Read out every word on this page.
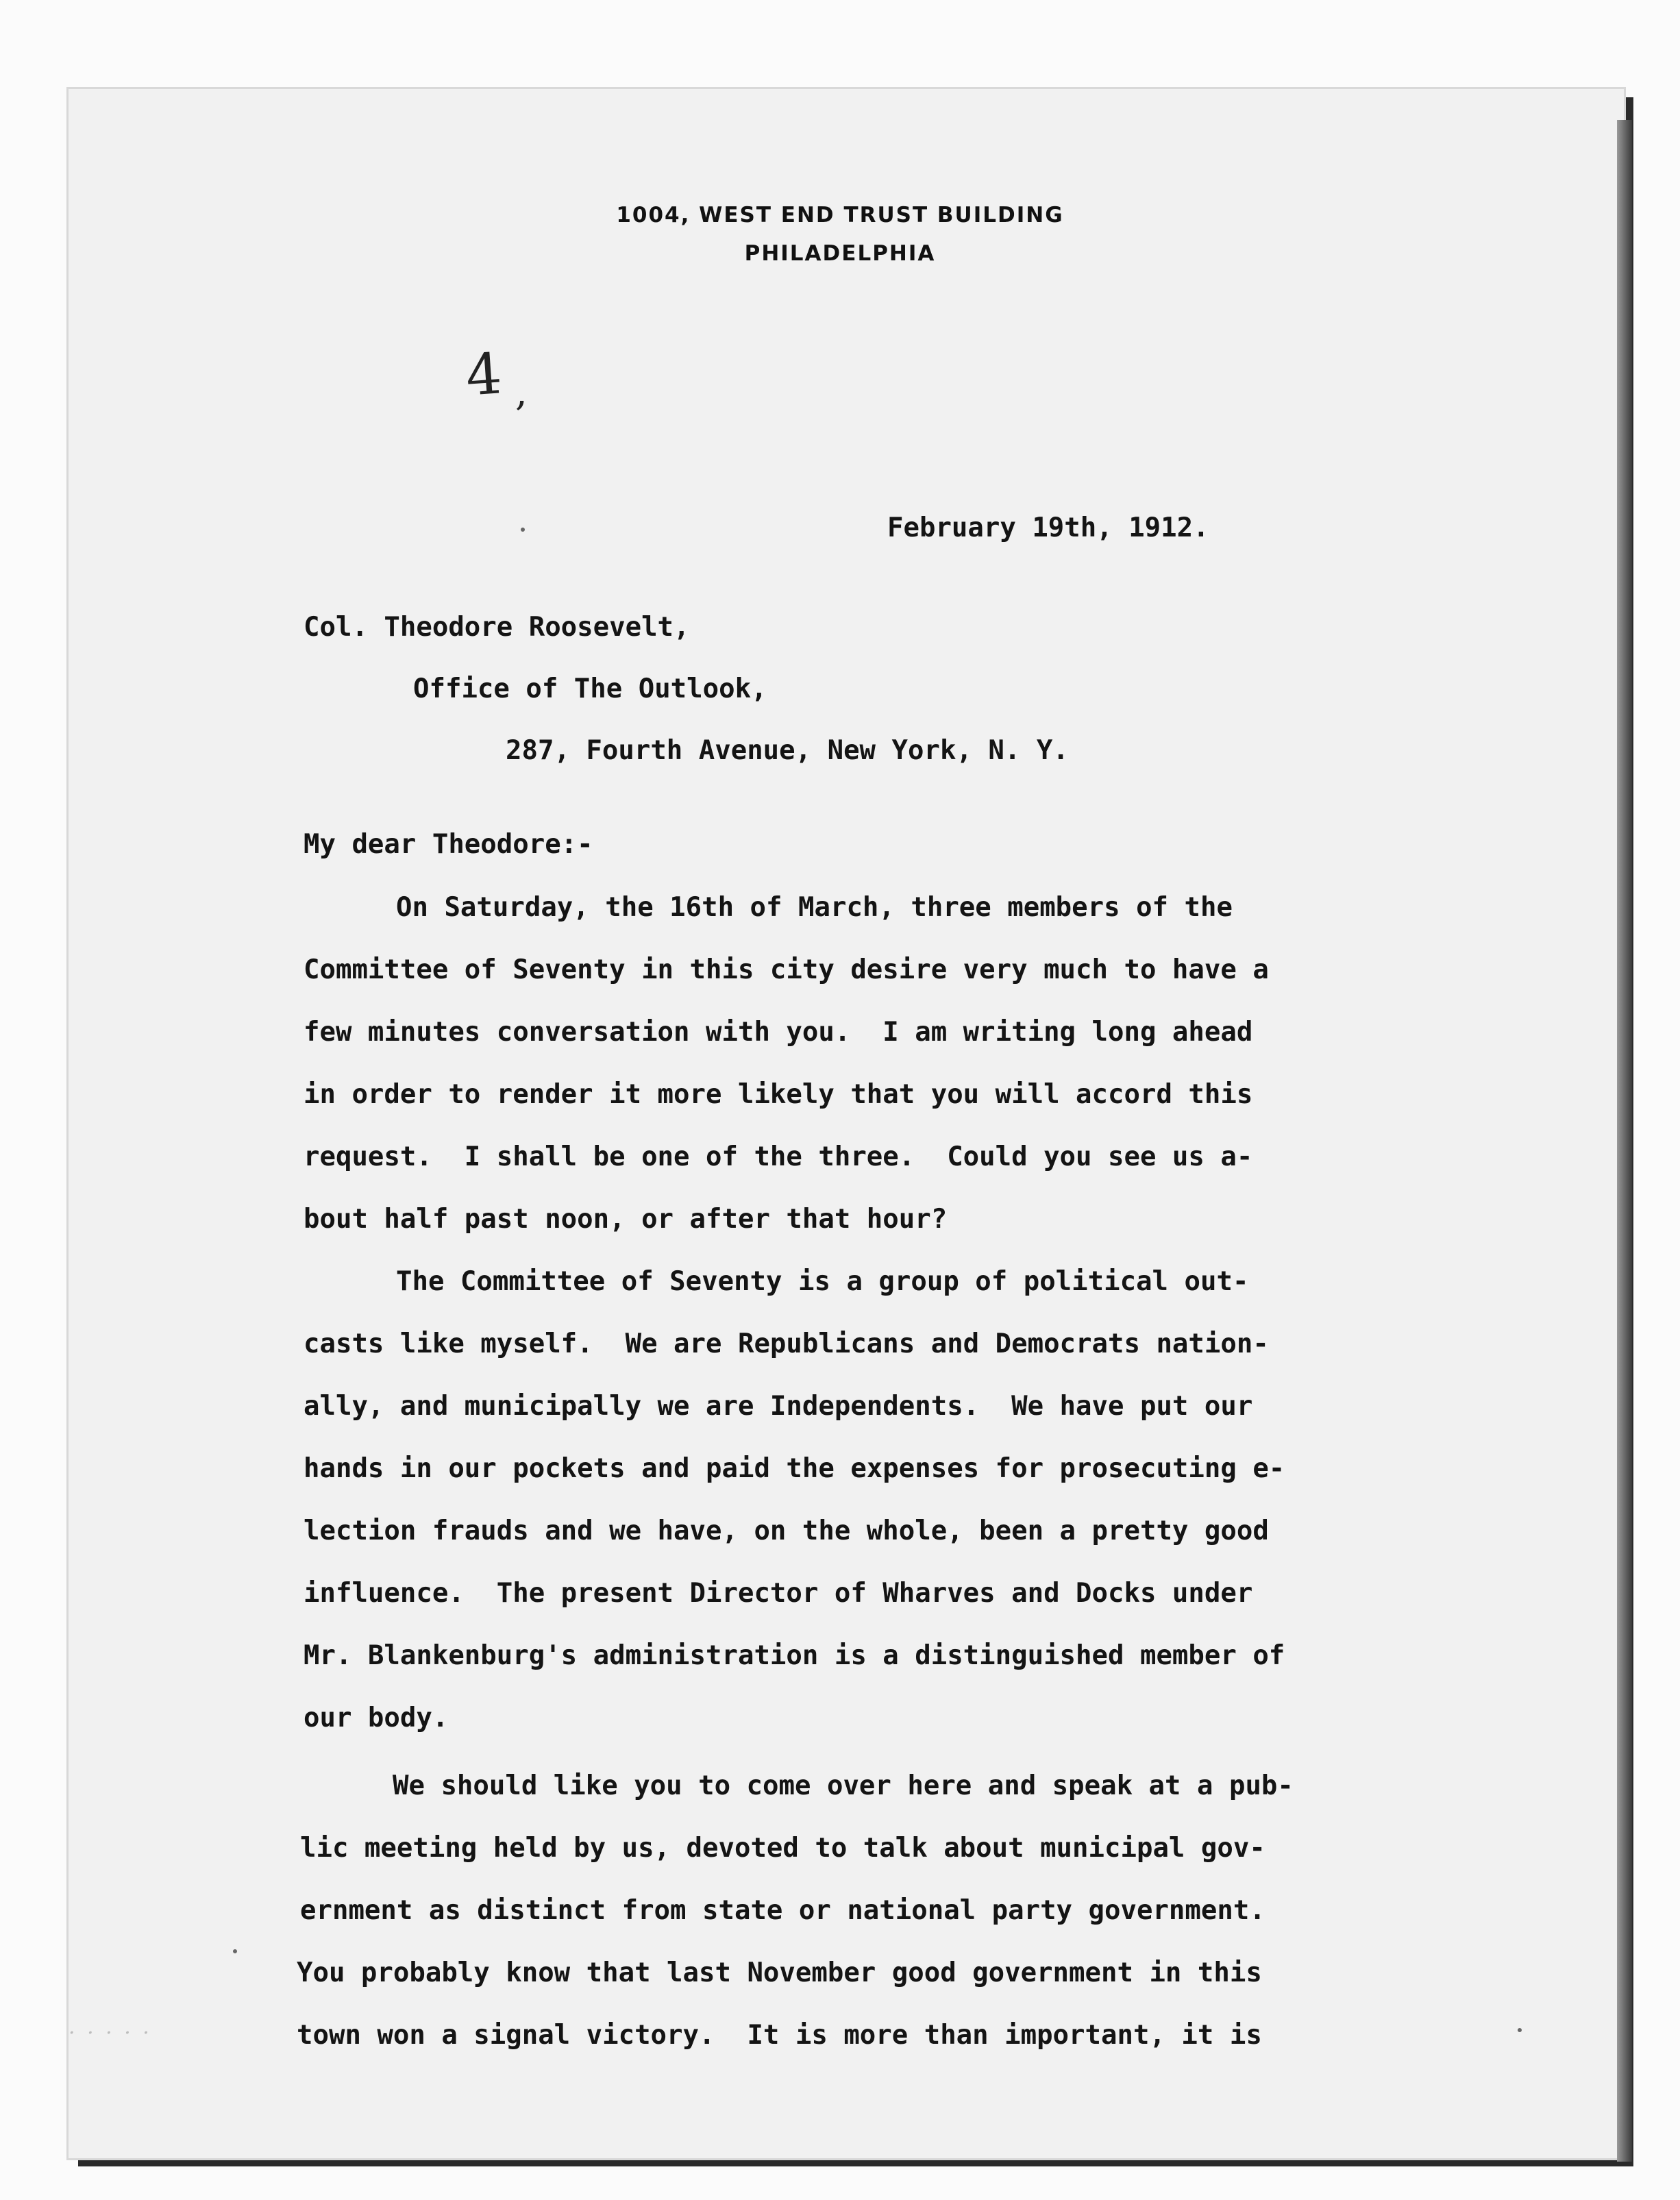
1004, WEST END TRUST BUILDING
PHILADELPHIA
4 ,
February 19th, 1912.
Col. Theodore Roosevelt,
Office of The Outlook,
287, Fourth Avenue, New York, N. Y.
My dear Theodore:-
On Saturday, the 16th of March, three members of the
Committee of Seventy in this city desire very much to have a
few minutes conversation with you.  I am writing long ahead
in order to render it more likely that you will accord this
request.  I shall be one of the three.  Could you see us a-
bout half past noon, or after that hour?
The Committee of Seventy is a group of political out-
casts like myself.  We are Republicans and Democrats nation-
ally, and municipally we are Independents.  We have put our
hands in our pockets and paid the expenses for prosecuting e-
lection frauds and we have, on the whole, been a pretty good
influence.  The present Director of Wharves and Docks under
Mr. Blankenburg's administration is a distinguished member of
our body.
We should like you to come over here and speak at a pub-
lic meeting held by us, devoted to talk about municipal gov-
ernment as distinct from state or national party government.
You probably know that last November good government in this
town won a signal victory.  It is more than important, it is
· · · · ·
